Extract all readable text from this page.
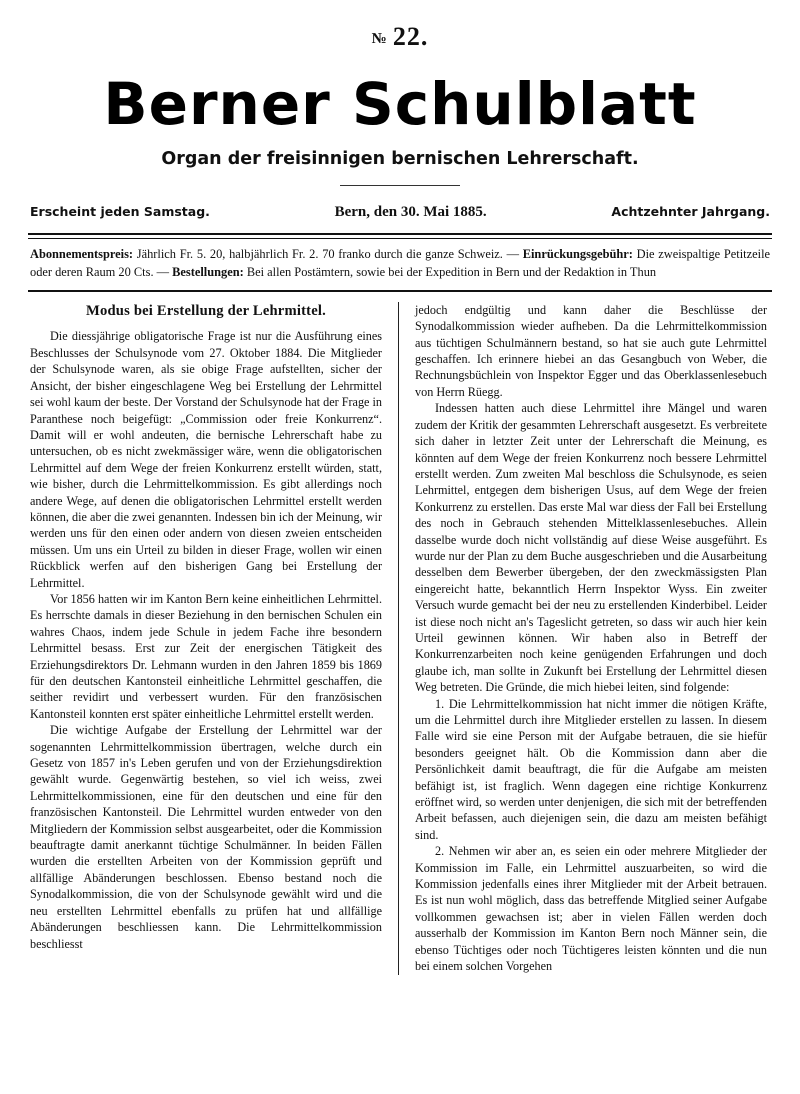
№ 22.
Berner Schulblatt
Organ der freisinnigen bernischen Lehrerschaft.
Erscheint jeden Samstag.	Bern, den 30. Mai 1885.	Achtzehnter Jahrgang.
Abonnementspreis: Jährlich Fr. 5. 20, halbjährlich Fr. 2. 70 franko durch die ganze Schweiz. — Einrückungsgebühr: Die zweispaltige Petitzeile oder deren Raum 20 Cts. — Bestellungen: Bei allen Postämtern, sowie bei der Expedition in Bern und der Redaktion in Thun
Modus bei Erstellung der Lehrmittel.

Die diessjährige obligatorische Frage ist nur die Ausführung eines Beschlusses der Schulsynode vom 27. Oktober 1884. Die Mitglieder der Schulsynode waren, als sie obige Frage aufstellten, sicher der Ansicht, der bisher eingeschlagene Weg bei Erstellung der Lehrmittel sei wohl kaum der beste. Der Vorstand der Schulsynode hat der Frage in Paranthese noch beigefügt: „Commission oder freie Konkurrenz“. Damit will er wohl andeuten, die bernische Lehrerschaft habe zu untersuchen, ob es nicht zwekmässiger wäre, wenn die obligatorischen Lehrmittel auf dem Wege der freien Konkurrenz erstellt würden, statt, wie bisher, durch die Lehrmittelkommission. Es gibt allerdings noch andere Wege, auf denen die obligatorischen Lehrmittel erstellt werden können, die aber die zwei genannten. Indessen bin ich der Meinung, wir werden uns für den einen oder andern von diesen zweien entscheiden müssen. Um uns ein Urteil zu bilden in dieser Frage, wollen wir einen Rückblick werfen auf den bisherigen Gang bei Erstellung der Lehrmittel.

Vor 1856 hatten wir im Kanton Bern keine einheitlichen Lehrmittel. Es herrschte damals in dieser Beziehung in den bernischen Schulen ein wahres Chaos, indem jede Schule in jedem Fache ihre besondern Lehrmittel besass. Erst zur Zeit der energischen Tätigkeit des Erziehungsdirektors Dr. Lehmann wurden in den Jahren 1859 bis 1869 für den deutschen Kantonsteil einheitliche Lehrmittel geschaffen, die seither revidirt und verbessert wurden. Für den französischen Kantonsteil konnten erst später einheitliche Lehrmittel erstellt werden.

Die wichtige Aufgabe der Erstellung der Lehrmittel war der sogenannten Lehrmittelkommission übertragen, welche durch ein Gesetz von 1857 in's Leben gerufen und von der Erziehungsdirektion gewählt wurde. Gegenwärtig bestehen, so viel ich weiss, zwei Lehrmittelkommissionen, eine für den deutschen und eine für den französischen Kantonsteil. Die Lehrmittel wurden entweder von den Mitgliedern der Kommission selbst ausgearbeitet, oder die Kommission beauftragte damit anerkannt tüchtige Schulmänner. In beiden Fällen wurden die erstellten Arbeiten von der Kommission geprüft und allfällige Abänderungen beschlossen. Ebenso bestand noch die Synodalkommission, die von der Schulsynode gewählt wird und die neu erstellten Lehrmittel ebenfalls zu prüfen hat und allfällige Abänderungen beschliessen kann. Die Lehrmittelkommission beschliesst

jedoch endgültig und kann daher die Beschlüsse der Synodalkommission wieder aufheben. Da die Lehrmittelkommission aus tüchtigen Schulmännern bestand, so hat sie auch gute Lehrmittel geschaffen. Ich erinnere hiebei an das Gesangbuch von Weber, die Rechnungsbüchlein von Inspektor Egger und das Oberklassenlesebuch von Herrn Rüegg.

Indessen hatten auch diese Lehrmittel ihre Mängel und waren zudem der Kritik der gesammten Lehrerschaft ausgesetzt. Es verbreitete sich daher in letzter Zeit unter der Lehrerschaft die Meinung, es könnten auf dem Wege der freien Konkurrenz noch bessere Lehrmittel erstellt werden. Zum zweiten Mal beschloss die Schulsynode, es seien Lehrmittel, entgegen dem bisherigen Usus, auf dem Wege der freien Konkurrenz zu erstellen. Das erste Mal war diess der Fall bei Erstellung des noch in Gebrauch stehenden Mittelklassenlesebuches. Allein dasselbe wurde doch nicht vollständig auf diese Weise ausgeführt. Es wurde nur der Plan zu dem Buche ausgeschrieben und die Ausarbeitung desselben dem Bewerber übergeben, der den zweckmässigsten Plan eingereicht hatte, bekanntlich Herrn Inspektor Wyss. Ein zweiter Versuch wurde gemacht bei der neu zu erstellenden Kinderbibel. Leider ist diese noch nicht an's Tageslicht getreten, so dass wir auch hier kein Urteil gewinnen können. Wir haben also in Betreff der Konkurrenzarbeiten noch keine genügenden Erfahrungen und doch glaube ich, man sollte in Zukunft bei Erstellung der Lehrmittel diesen Weg betreten. Die Gründe, die mich hiebei leiten, sind folgende:

1. Die Lehrmittelkommission hat nicht immer die nötigen Kräfte, um die Lehrmittel durch ihre Mitglieder erstellen zu lassen. In diesem Falle wird sie eine Person mit der Aufgabe betrauen, die sie hiefür besonders geeignet hält. Ob die Kommission dann aber die Persönlichkeit damit beauftragt, die für die Aufgabe am meisten befähigt ist, ist fraglich. Wenn dagegen eine richtige Konkurrenz eröffnet wird, so werden unter denjenigen, die sich mit der betreffenden Arbeit befassen, auch diejenigen sein, die dazu am meisten befähigt sind.

2. Nehmen wir aber an, es seien ein oder mehrere Mitglieder der Kommission im Falle, ein Lehrmittel auszuarbeiten, so wird die Kommission jedenfalls eines ihrer Mitglieder mit der Arbeit betrauen. Es ist nun wohl möglich, dass das betreffende Mitglied seiner Aufgabe vollkommen gewachsen ist; aber in vielen Fällen werden doch ausserhalb der Kommission im Kanton Bern noch Männer sein, die ebenso Tüchtiges oder noch Tüchtigeres leisten könnten und die nun bei einem solchen Vorgehen
